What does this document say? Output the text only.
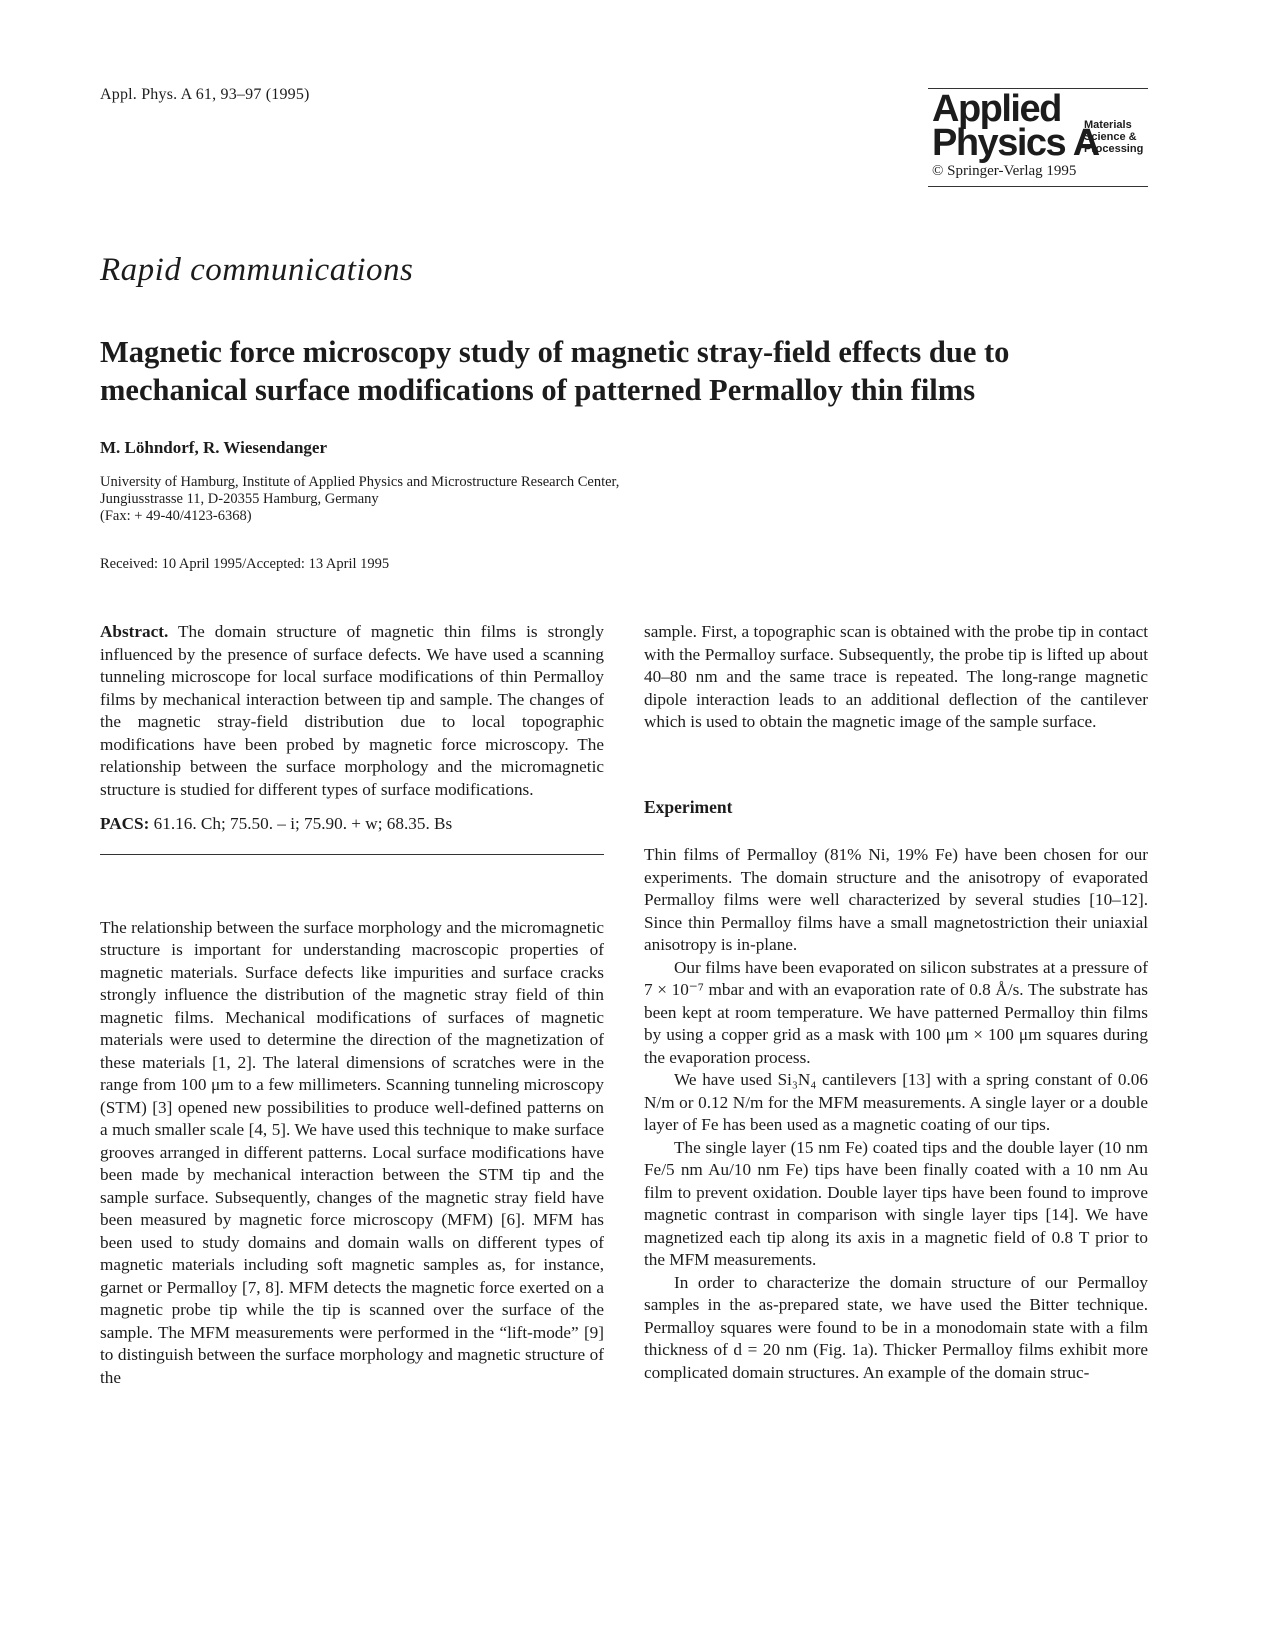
Appl. Phys. A 61, 93–97 (1995)	Applied
Physics A
Materials
Science &
Processing
© Springer-Verlag 1995
Rapid communications
Magnetic force microscopy study of magnetic stray-field effects due to mechanical surface modifications of patterned Permalloy thin films
M. Löhndorf, R. Wiesendanger
University of Hamburg, Institute of Applied Physics and Microstructure Research Center,
Jungiusstrasse 11, D-20355 Hamburg, Germany
(Fax: + 49-40/4123-6368)
Received: 10 April 1995/Accepted: 13 April 1995

Abstract. The domain structure of magnetic thin films is strongly influenced by the presence of surface defects. We have used a scanning tunneling microscope for local surface modifications of thin Permalloy films by mechanical interaction between tip and sample. The changes of the magnetic stray-field distribution due to local topographic modifications have been probed by magnetic force microscopy. The relationship between the surface morphology and the micromagnetic structure is studied for different types of surface modifications.

PACS: 61.16. Ch; 75.50. – i; 75.90. + w; 68.35. Bs

The relationship between the surface morphology and the micromagnetic structure is important for understanding macroscopic properties of magnetic materials. Surface defects like impurities and surface cracks strongly influence the distribution of the magnetic stray field of thin magnetic films. Mechanical modifications of surfaces of magnetic materials were used to determine the direction of the magnetization of these materials [1, 2]. The lateral dimensions of scratches were in the range from 100 μm to a few millimeters. Scanning tunneling microscopy (STM) [3] opened new possibilities to produce well-defined patterns on a much smaller scale [4, 5]. We have used this technique to make surface grooves arranged in different patterns. Local surface modifications have been made by mechanical interaction between the STM tip and the sample surface. Subsequently, changes of the magnetic stray field have been measured by magnetic force microscopy (MFM) [6]. MFM has been used to study domains and domain walls on different types of magnetic materials including soft magnetic samples as, for instance, garnet or Permalloy [7, 8]. MFM detects the magnetic force exerted on a magnetic probe tip while the tip is scanned over the surface of the sample. The MFM measurements were performed in the “lift-mode” [9] to distinguish between the surface morphology and magnetic structure of the

sample. First, a topographic scan is obtained with the probe tip in contact with the Permalloy surface. Subsequently, the probe tip is lifted up about 40–80 nm and the same trace is repeated. The long-range magnetic dipole interaction leads to an additional deflection of the cantilever which is used to obtain the magnetic image of the sample surface.

Experiment

Thin films of Permalloy (81% Ni, 19% Fe) have been chosen for our experiments. The domain structure and the anisotropy of evaporated Permalloy films were well characterized by several studies [10–12]. Since thin Permalloy films have a small magnetostriction their uniaxial anisotropy is in-plane.

Our films have been evaporated on silicon substrates at a pressure of 7 × 10⁻⁷ mbar and with an evaporation rate of 0.8 Å/s. The substrate has been kept at room temperature. We have patterned Permalloy thin films by using a copper grid as a mask with 100 μm × 100 μm squares during the evaporation process.

We have used Si₃N₄ cantilevers [13] with a spring constant of 0.06 N/m or 0.12 N/m for the MFM measurements. A single layer or a double layer of Fe has been used as a magnetic coating of our tips.

The single layer (15 nm Fe) coated tips and the double layer (10 nm Fe/5 nm Au/10 nm Fe) tips have been finally coated with a 10 nm Au film to prevent oxidation. Double layer tips have been found to improve magnetic contrast in comparison with single layer tips [14]. We have magnetized each tip along its axis in a magnetic field of 0.8 T prior to the MFM measurements.

In order to characterize the domain structure of our Permalloy samples in the as-prepared state, we have used the Bitter technique. Permalloy squares were found to be in a monodomain state with a film thickness of d = 20 nm (Fig. 1a). Thicker Permalloy films exhibit more complicated domain structures. An example of the domain struc-
